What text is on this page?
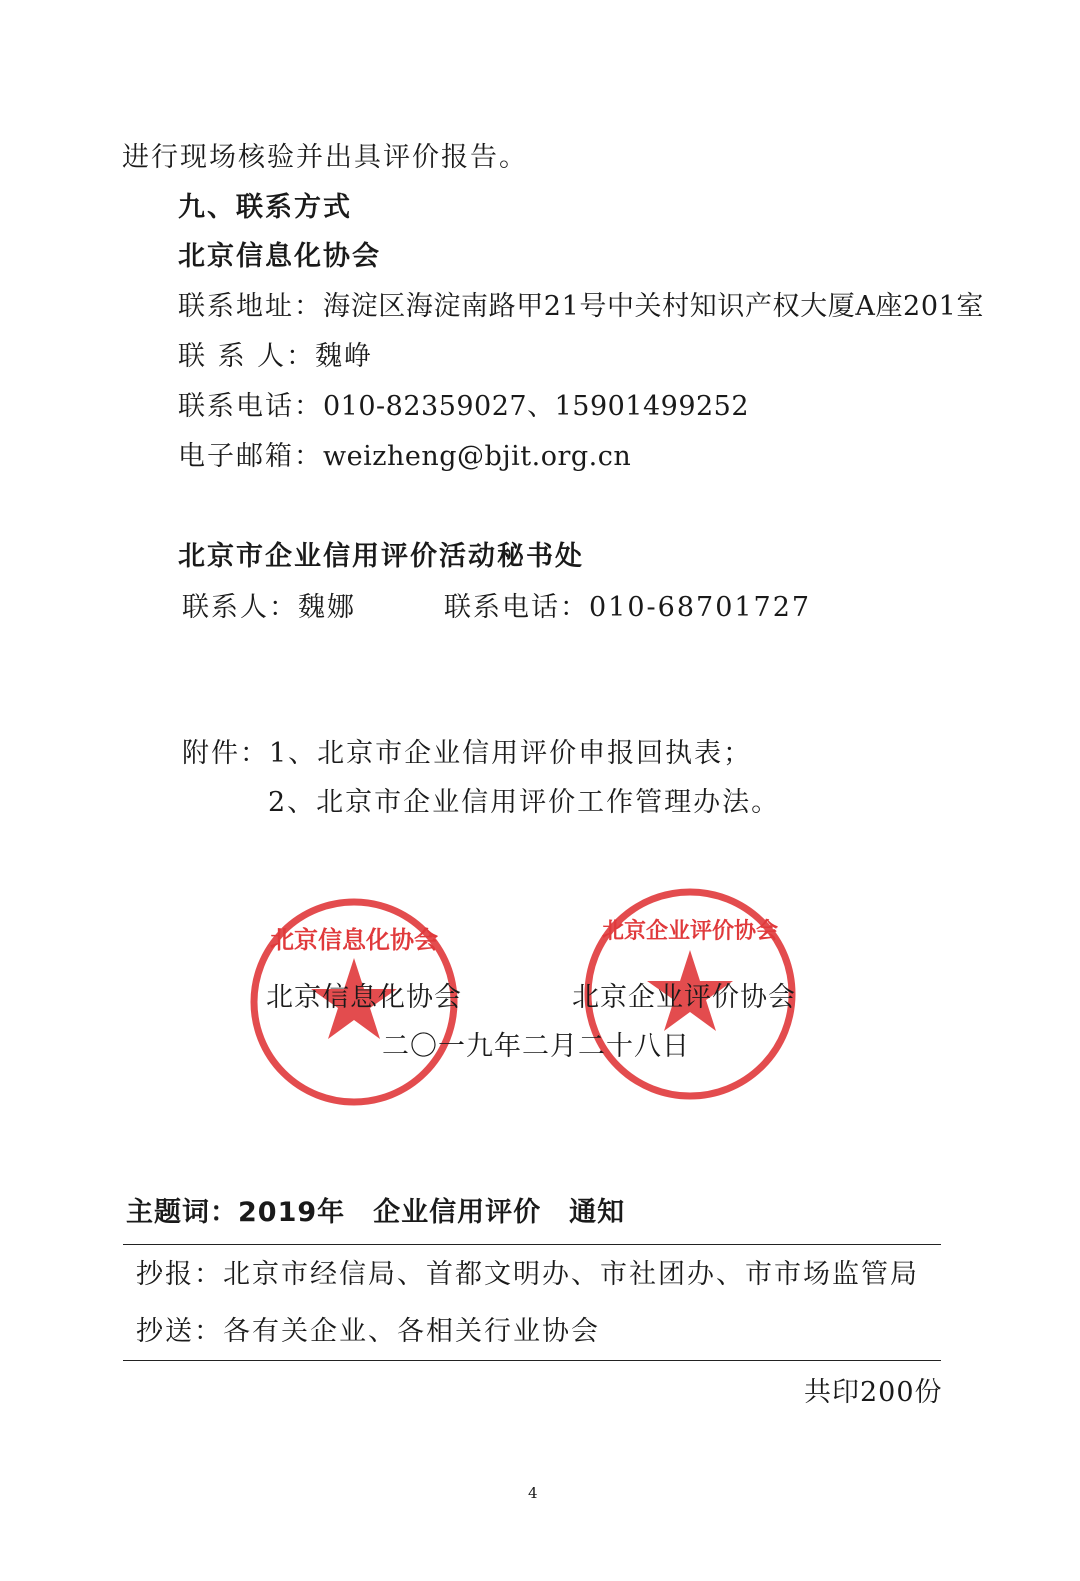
进行现场核验并出具评价报告。
九、联系方式
北京信息化协会
联系地址：海淀区海淀南路甲21号中关村知识产权大厦A座201室
联 系 人：魏峥
联系电话：010-82359027、15901499252
电子邮箱：weizheng@bjit.org.cn
北京市企业信用评价活动秘书处
联系人：魏娜	联系电话：010-68701727
附件：1、北京市企业信用评价申报回执表；
2、北京市企业信用评价工作管理办法。
北京信息化协会	北京企业评价协会
北京信息化协会	北京企业评价协会
二〇一九年二月二十八日
主题词：2019年　企业信用评价　通知
抄报：北京市经信局、首都文明办、市社团办、市市场监管局
抄送：各有关企业、各相关行业协会
共印200份
4
